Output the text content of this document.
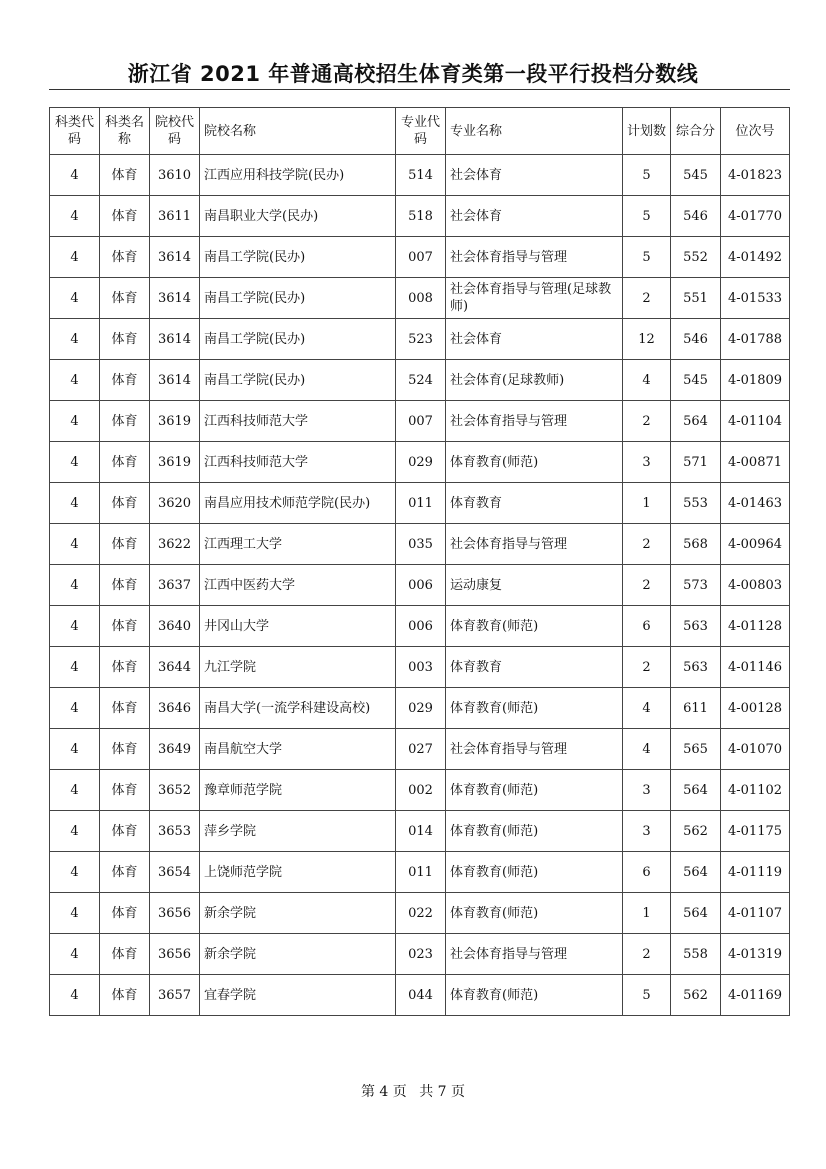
浙江省 2021 年普通高校招生体育类第一段平行投档分数线
科类代码	科类名称	院校代码	院校名称	专业代码	专业名称	计划数	综合分	位次号
4	体育	3610	江西应用科技学院(民办)	514	社会体育	5	545	4-01823
4	体育	3611	南昌职业大学(民办)	518	社会体育	5	546	4-01770
4	体育	3614	南昌工学院(民办)	007	社会体育指导与管理	5	552	4-01492
4	体育	3614	南昌工学院(民办)	008	社会体育指导与管理(足球教师)	2	551	4-01533
4	体育	3614	南昌工学院(民办)	523	社会体育	12	546	4-01788
4	体育	3614	南昌工学院(民办)	524	社会体育(足球教师)	4	545	4-01809
4	体育	3619	江西科技师范大学	007	社会体育指导与管理	2	564	4-01104
4	体育	3619	江西科技师范大学	029	体育教育(师范)	3	571	4-00871
4	体育	3620	南昌应用技术师范学院(民办)	011	体育教育	1	553	4-01463
4	体育	3622	江西理工大学	035	社会体育指导与管理	2	568	4-00964
4	体育	3637	江西中医药大学	006	运动康复	2	573	4-00803
4	体育	3640	井冈山大学	006	体育教育(师范)	6	563	4-01128
4	体育	3644	九江学院	003	体育教育	2	563	4-01146
4	体育	3646	南昌大学(一流学科建设高校)	029	体育教育(师范)	4	611	4-00128
4	体育	3649	南昌航空大学	027	社会体育指导与管理	4	565	4-01070
4	体育	3652	豫章师范学院	002	体育教育(师范)	3	564	4-01102
4	体育	3653	萍乡学院	014	体育教育(师范)	3	562	4-01175
4	体育	3654	上饶师范学院	011	体育教育(师范)	6	564	4-01119
4	体育	3656	新余学院	022	体育教育(师范)	1	564	4-01107
4	体育	3656	新余学院	023	社会体育指导与管理	2	558	4-01319
4	体育	3657	宜春学院	044	体育教育(师范)	5	562	4-01169
第 4 页 共 7 页
